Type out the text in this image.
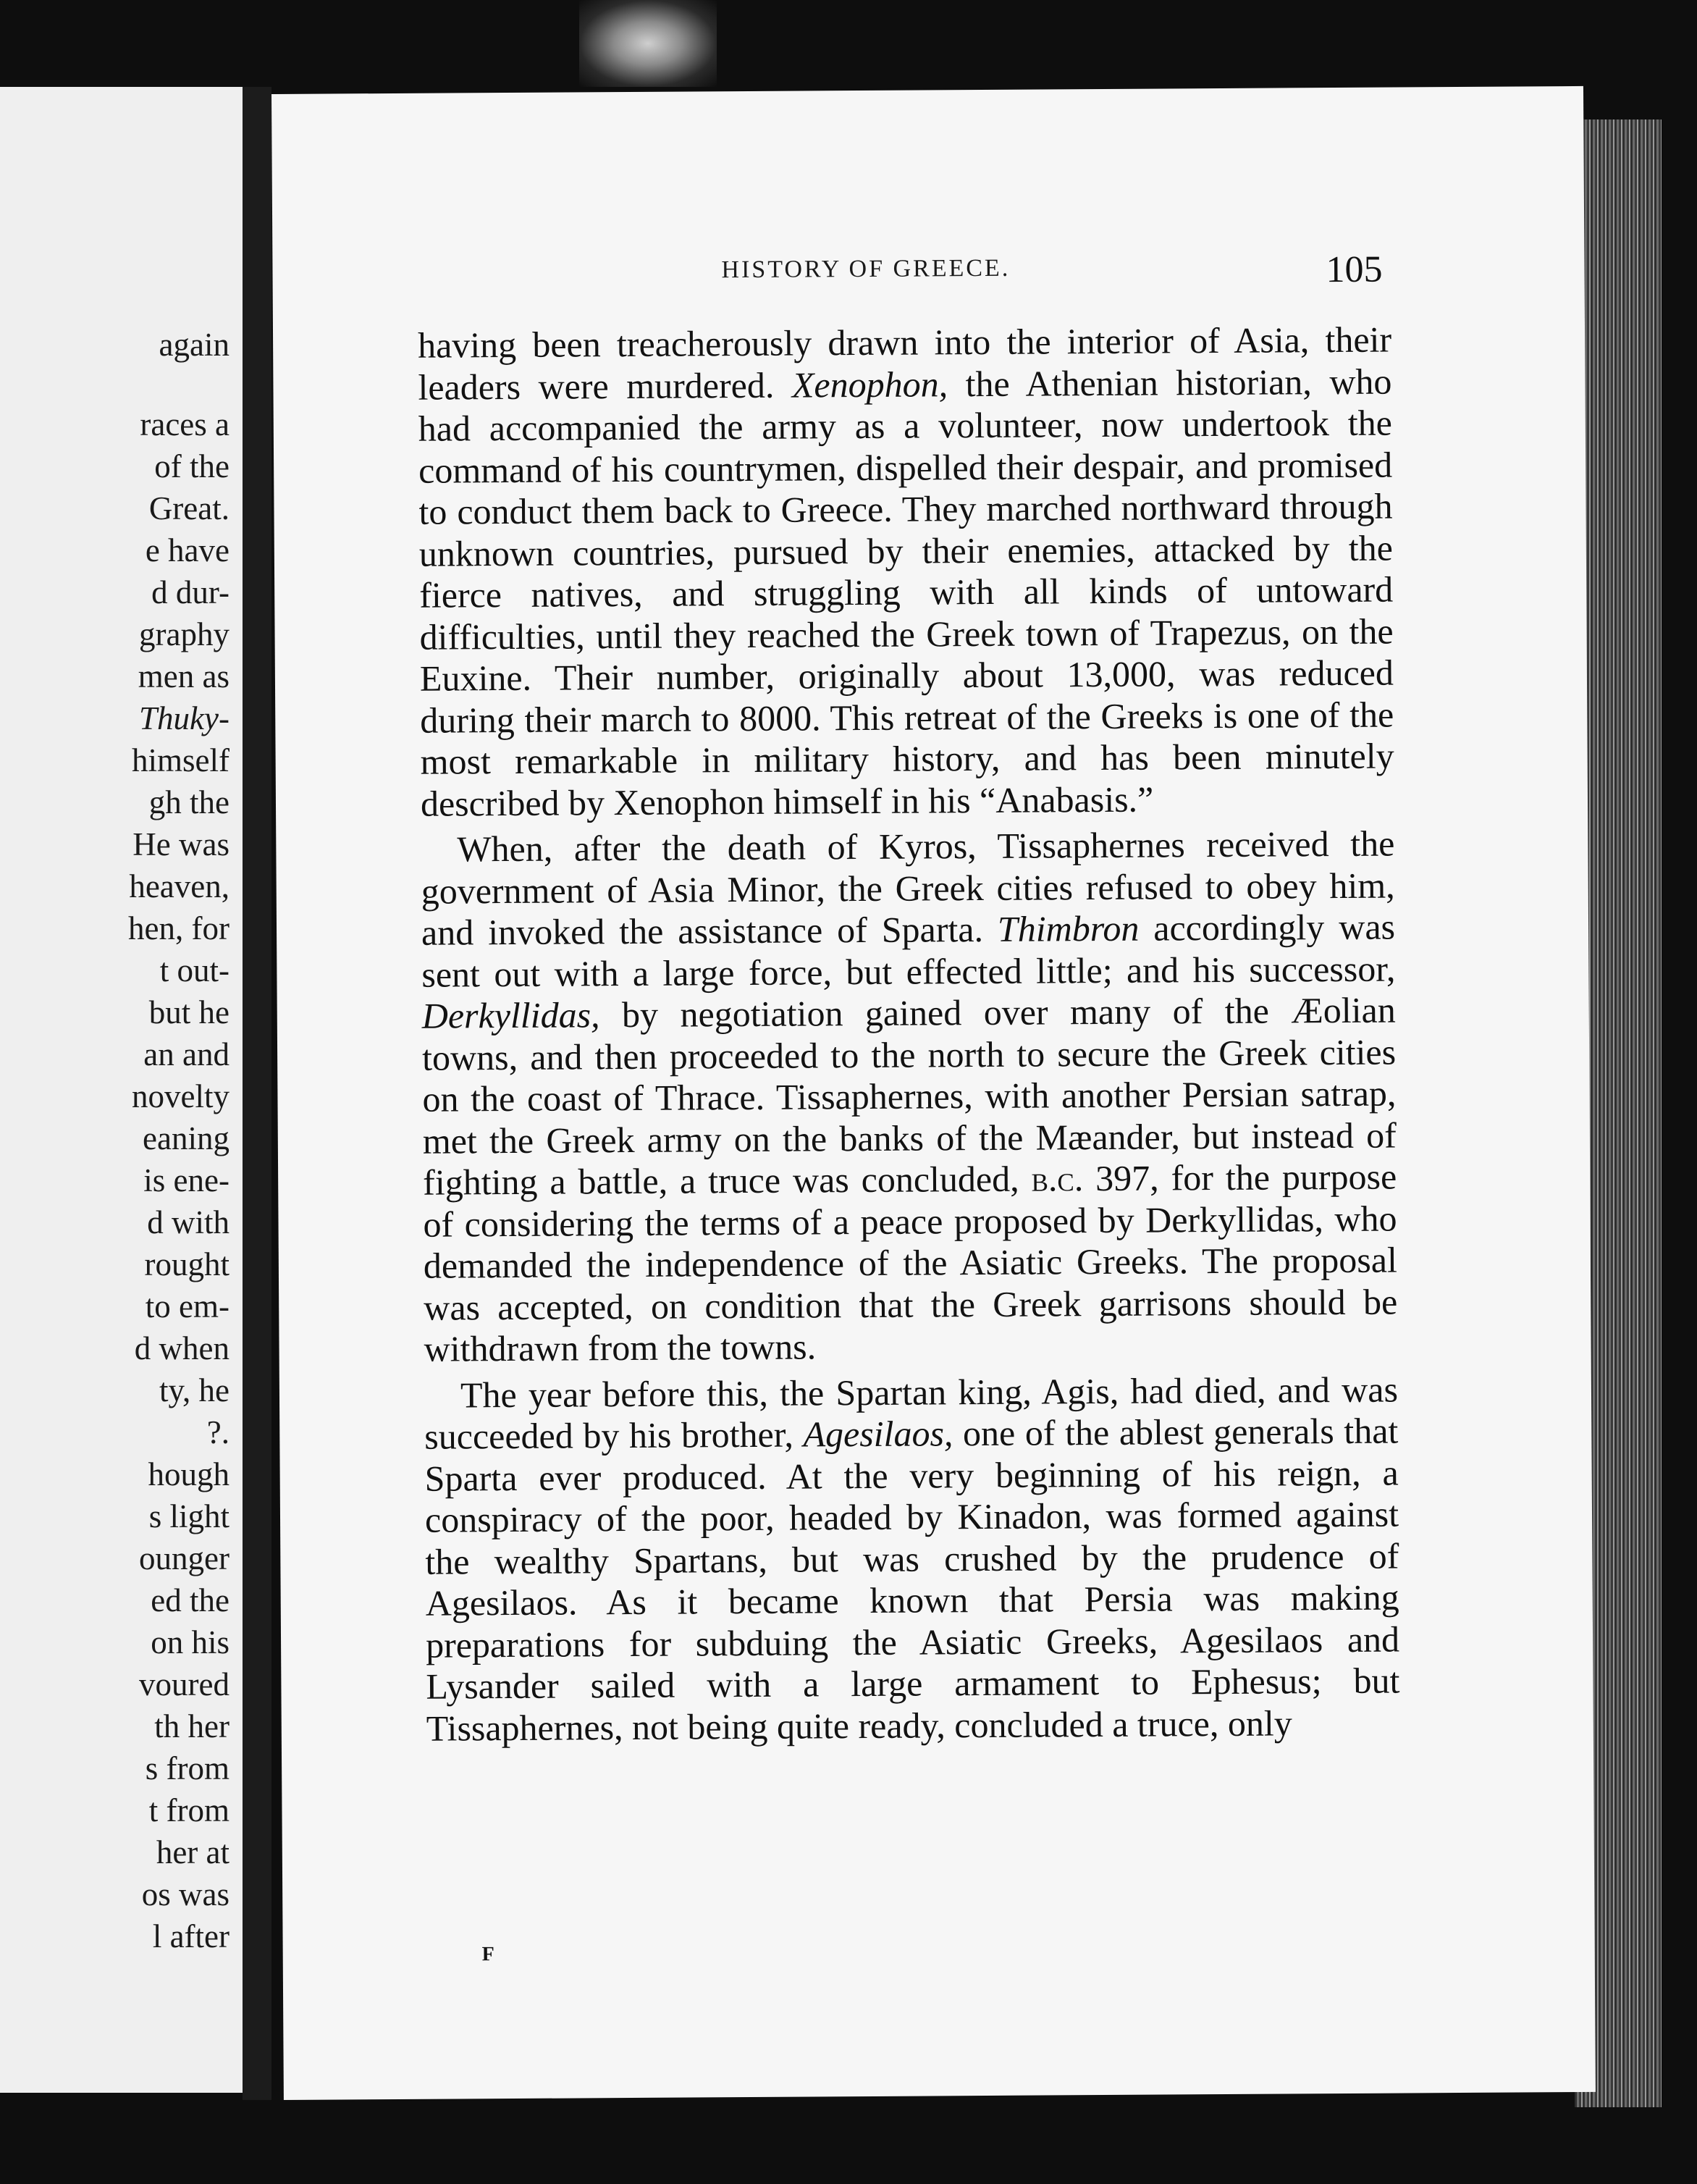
again
races a
of the
Great.
e have
d dur-
graphy
men as
Thuky-
himself
gh the
He was
heaven,
hen, for
t out-
but he
an and
novelty
eaning
is ene-
d with
rought
to em-
d when
ty, he
?.
hough
s light
ounger
ed the
on his
voured
th her
s from
t from
her at
os was
l after
HISTORY OF GREECE.	105

having been treacherously drawn into the interior of Asia, their leaders were murdered. Xenophon, the Athenian historian, who had accompanied the army as a volunteer, now undertook the command of his countrymen, dispelled their despair, and promised to conduct them back to Greece. They marched northward through unknown countries, pursued by their enemies, attacked by the fierce natives, and struggling with all kinds of untoward difficulties, until they reached the Greek town of Trapezus, on the Euxine. Their number, originally about 13,000, was reduced during their march to 8000. This retreat of the Greeks is one of the most remarkable in military history, and has been minutely described by Xenophon himself in his “Anabasis.”

When, after the death of Kyros, Tissaphernes received the government of Asia Minor, the Greek cities refused to obey him, and invoked the assistance of Sparta. Thimbron accordingly was sent out with a large force, but effected little; and his successor, Derkyllidas, by negotiation gained over many of the Æolian towns, and then proceeded to the north to secure the Greek cities on the coast of Thrace. Tissaphernes, with another Persian satrap, met the Greek army on the banks of the Mæander, but instead of fighting a battle, a truce was concluded, b.c. 397, for the purpose of considering the terms of a peace proposed by Derkyllidas, who demanded the independence of the Asiatic Greeks. The proposal was accepted, on condition that the Greek garrisons should be withdrawn from the towns.

The year before this, the Spartan king, Agis, had died, and was succeeded by his brother, Agesilaos, one of the ablest generals that Sparta ever produced. At the very beginning of his reign, a conspiracy of the poor, headed by Kinadon, was formed against the wealthy Spartans, but was crushed by the prudence of Agesilaos. As it became known that Persia was making preparations for subduing the Asiatic Greeks, Agesilaos and Lysander sailed with a large armament to Ephesus; but Tissaphernes, not being quite ready, concluded a truce, only

F
